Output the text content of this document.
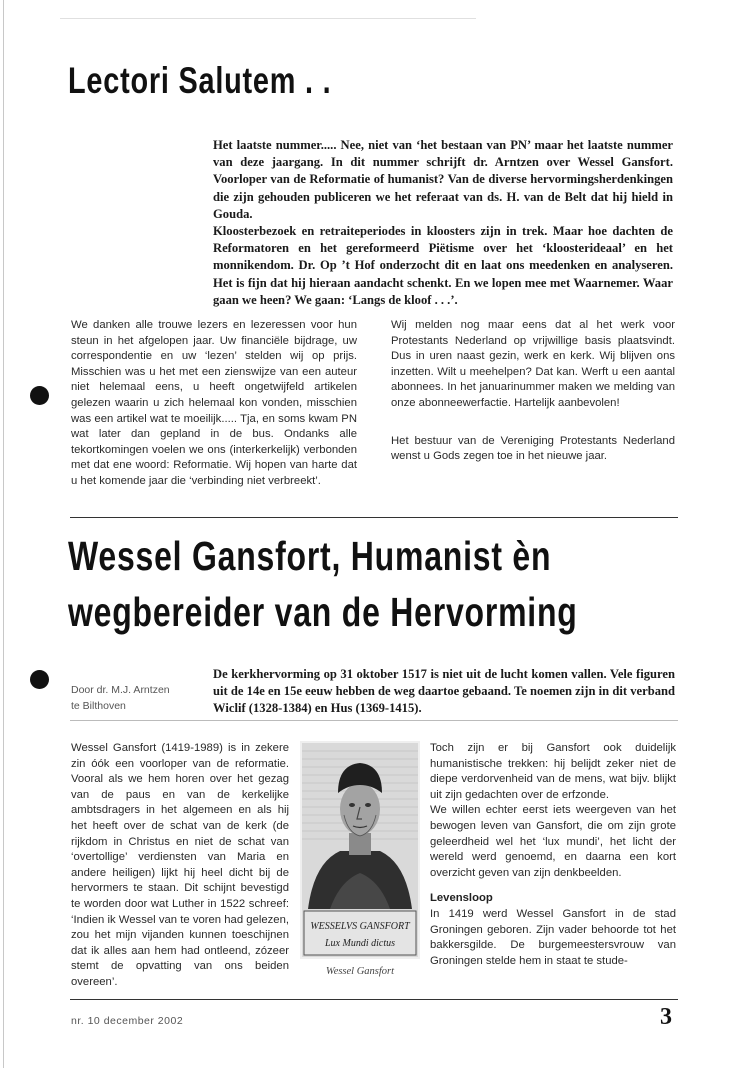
Lectori Salutem . .
Het laatste nummer..... Nee, niet van ‘het bestaan van PN’ maar het laatste nummer van deze jaargang. In dit nummer schrijft dr. Arntzen over Wessel Gansfort. Voorloper van de Reformatie of humanist? Van de diverse hervormingsherdenkingen die zijn gehouden publiceren we het referaat van ds. H. van de Belt dat hij hield in Gouda.
Kloosterbezoek en retraiteperiodes in kloosters zijn in trek. Maar hoe dachten de Reformatoren en het gereformeerd Piëtisme over het ‘kloosterideaal’ en het monnikendom. Dr. Op ’t Hof onderzocht dit en laat ons meedenken en analyseren. Het is fijn dat hij hieraan aandacht schenkt. En we lopen mee met Waarnemer. Waar gaan we heen? We gaan: ‘Langs de kloof . . .’.

We danken alle trouwe lezers en lezeressen voor hun steun in het afgelopen jaar. Uw financiële bijdrage, uw correspondentie en uw ‘lezen’ stelden wij op prijs. Misschien was u het met een zienswijze van een auteur niet helemaal eens, u heeft ongetwijfeld artikelen gelezen waarin u zich helemaal kon vonden, misschien was een artikel wat te moeilijk..... Tja, en soms kwam PN wat later dan gepland in de bus. Ondanks alle tekortkomingen voelen we ons (interkerkelijk) verbonden met dat ene woord: Reformatie. Wij hopen van harte dat u het komende jaar die ‘verbinding niet verbreekt’.

Wij melden nog maar eens dat al het werk voor Protestants Nederland op vrijwillige basis plaatsvindt. Dus in uren naast gezin, werk en kerk. Wij blijven ons inzetten. Wilt u meehelpen? Dat kan. Werft u een aantal abonnees. In het januarinummer maken we melding van onze abonneewerfactie. Hartelijk aanbevolen!

Het bestuur van de Vereniging Protestants Nederland wenst u Gods zegen toe in het nieuwe jaar.

Wessel Gansfort, Humanist èn
wegbereider van de Hervorming
Door dr. M.J. Arntzen
te Bilthoven
De kerkhervorming op 31 oktober 1517 is niet uit de lucht komen vallen. Vele figuren uit de 14e en 15e eeuw hebben de weg daartoe gebaand. Te noemen zijn in dit verband Wiclif (1328-1384) en Hus (1369-1415).

Wessel Gansfort (1419-1989) is in zekere zin óók een voorloper van de reformatie. Vooral als we hem horen over het gezag van de paus en van de kerkelijke ambtsdragers in het algemeen en als hij het heeft over de schat van de kerk (de rijkdom in Christus en niet de schat van ‘overtollige’ verdiensten van Maria en andere heiligen) lijkt hij heel dicht bij de hervormers te staan. Dit schijnt bevestigd te worden door wat Luther in 1522 schreef: ‘Indien ik Wessel van te voren had gelezen, zou het mijn vijanden kunnen toeschijnen dat ik alles aan hem had ontleend, zózeer stemt de opvatting van ons beiden overeen’.

WESSELVS GANSFORT
Lux Mundi dictus
Wessel Gansfort

Toch zijn er bij Gansfort ook duidelijk humanistische trekken: hij belijdt zeker niet de diepe verdorvenheid van de mens, wat bijv. blijkt uit zijn gedachten over de erfzonde.

We willen echter eerst iets weergeven van het bewogen leven van Gansfort, die om zijn grote geleerdheid wel het ‘lux mundi’, het licht der wereld werd genoemd, en daarna een kort overzicht geven van zijn denkbeelden.

Levensloop

In 1419 werd Wessel Gansfort in de stad Groningen geboren. Zijn vader behoorde tot het bakkersgilde. De burgemeestersvrouw van Groningen stelde hem in staat te stude-

nr. 10 december 2002	3
